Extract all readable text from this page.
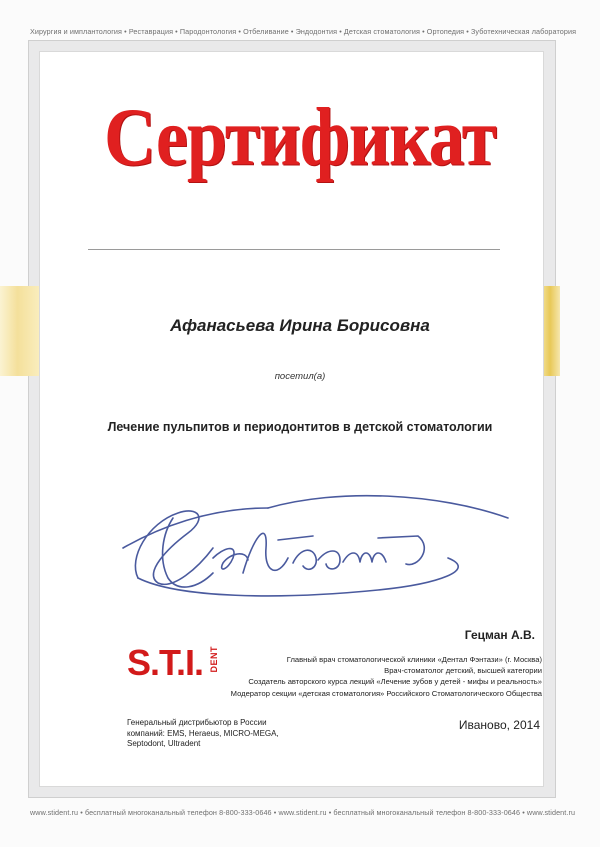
Хирургия и имплантология • Реставрация • Пародонтология • Отбеливание • Эндодонтия • Детская стоматология • Ортопедия • Зуботехническая лаборатория
Сертификат
Афанасьева Ирина Борисовна
посетил(а)
Лечение пульпитов и периодонтитов в детской стоматологии
Гецман А.В.
Главный врач стоматологической клиники «Дентал Фэнтази» (г. Москва)
Врач-стоматолог детский, высшей категории
Создатель авторского курса лекций «Лечение зубов у детей - мифы и реальность»
Модератор секции «детская стоматология» Российского Стоматологического Общества
S.T.I. DENT
Генеральный дистрибьютор в России
компаний: EMS, Heraeus, MICRO-MEGA,
Septodont, Ultradent
Иваново, 2014
www.stident.ru • бесплатный многоканальный телефон 8-800-333-0646 • www.stident.ru • бесплатный многоканальный телефон 8-800-333-0646 • www.stident.ru
